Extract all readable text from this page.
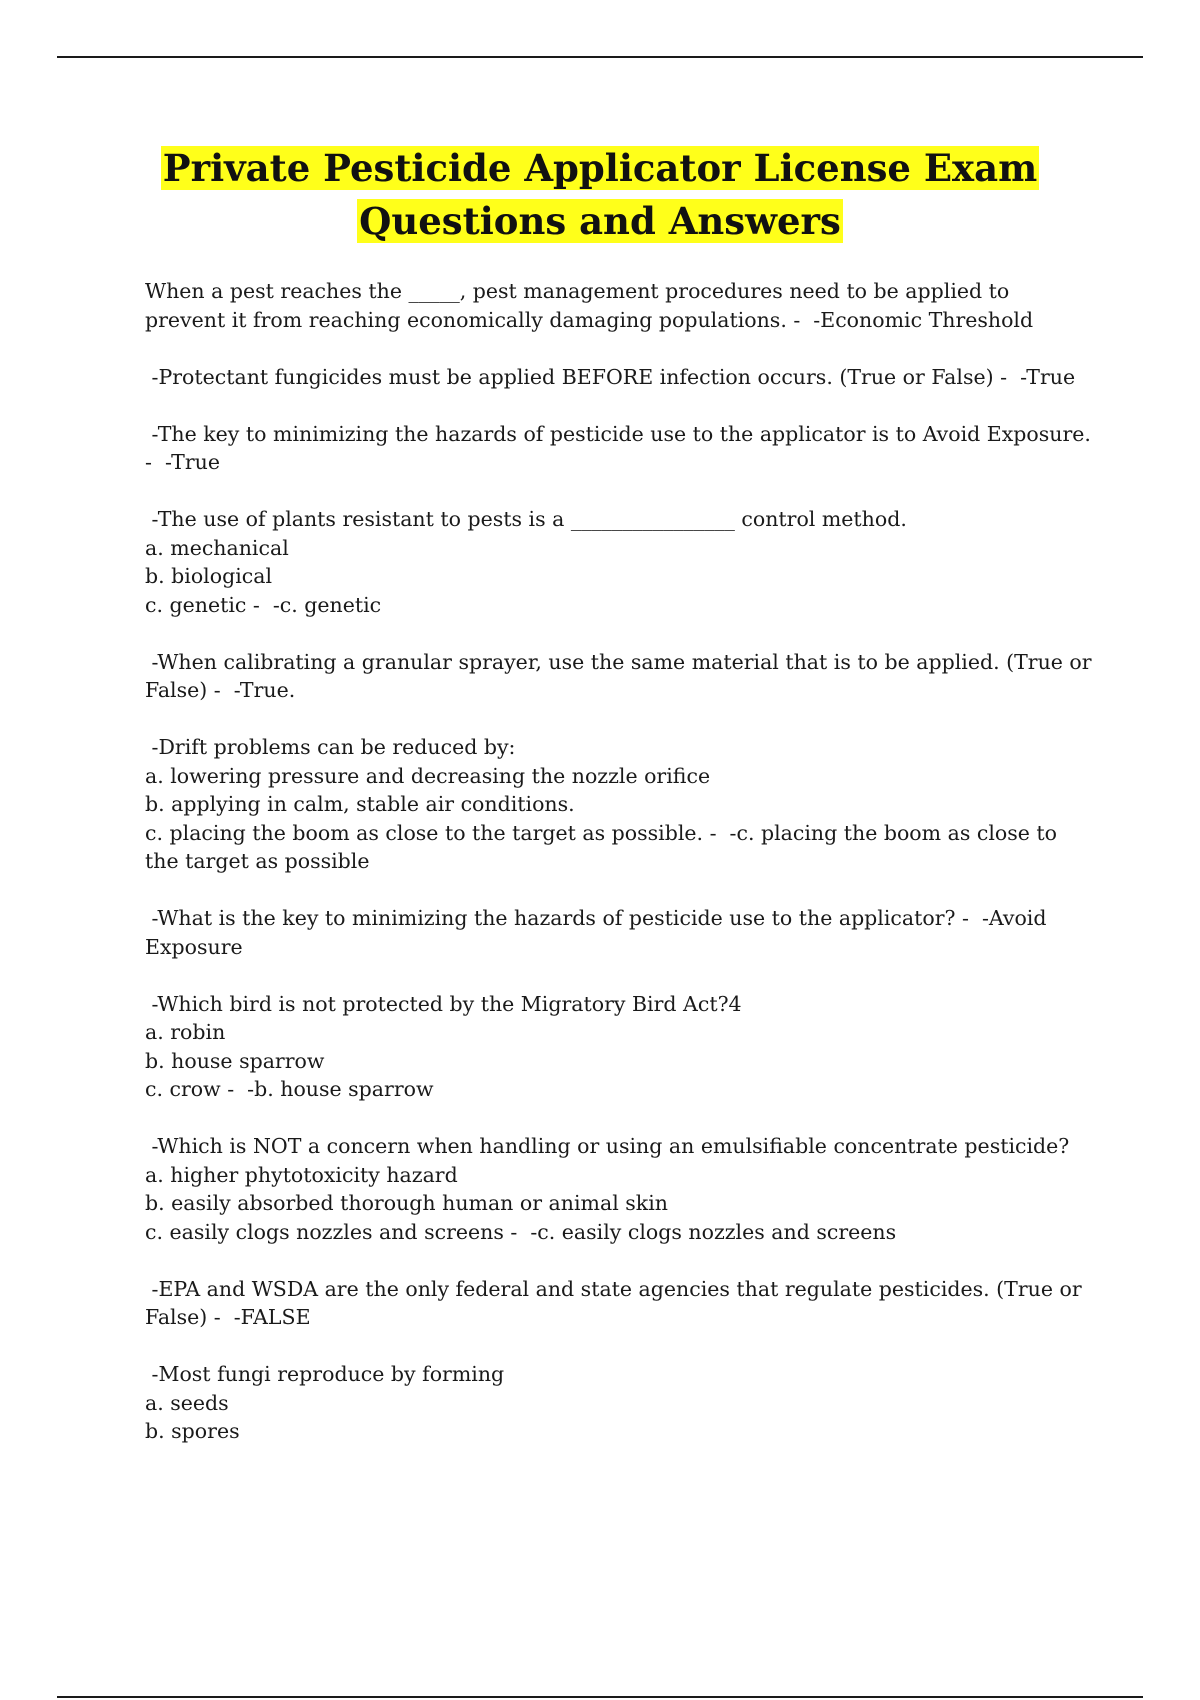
Private Pesticide Applicator License Exam
Questions and Answers

When a pest reaches the _____, pest management procedures need to be applied to prevent it from reaching economically damaging populations. -  -Economic Threshold

-Protectant fungicides must be applied BEFORE infection occurs. (True or False) -  -True

-The key to minimizing the hazards of pesticide use to the applicator is to Avoid Exposure. -  -True

-The use of plants resistant to pests is a ________________ control method.
a. mechanical
b. biological
c. genetic -  -c. genetic

-When calibrating a granular sprayer, use the same material that is to be applied. (True or False) -  -True.

-Drift problems can be reduced by:
a. lowering pressure and decreasing the nozzle orifice
b. applying in calm, stable air conditions.
c. placing the boom as close to the target as possible. -  -c. placing the boom as close to the target as possible

-What is the key to minimizing the hazards of pesticide use to the applicator? -  -Avoid Exposure

-Which bird is not protected by the Migratory Bird Act?4
a. robin
b. house sparrow
c. crow -  -b. house sparrow

-Which is NOT a concern when handling or using an emulsifiable concentrate pesticide?
a. higher phytotoxicity hazard
b. easily absorbed thorough human or animal skin
c. easily clogs nozzles and screens -  -c. easily clogs nozzles and screens

-EPA and WSDA are the only federal and state agencies that regulate pesticides. (True or False) -  -FALSE

-Most fungi reproduce by forming
a. seeds
b. spores
